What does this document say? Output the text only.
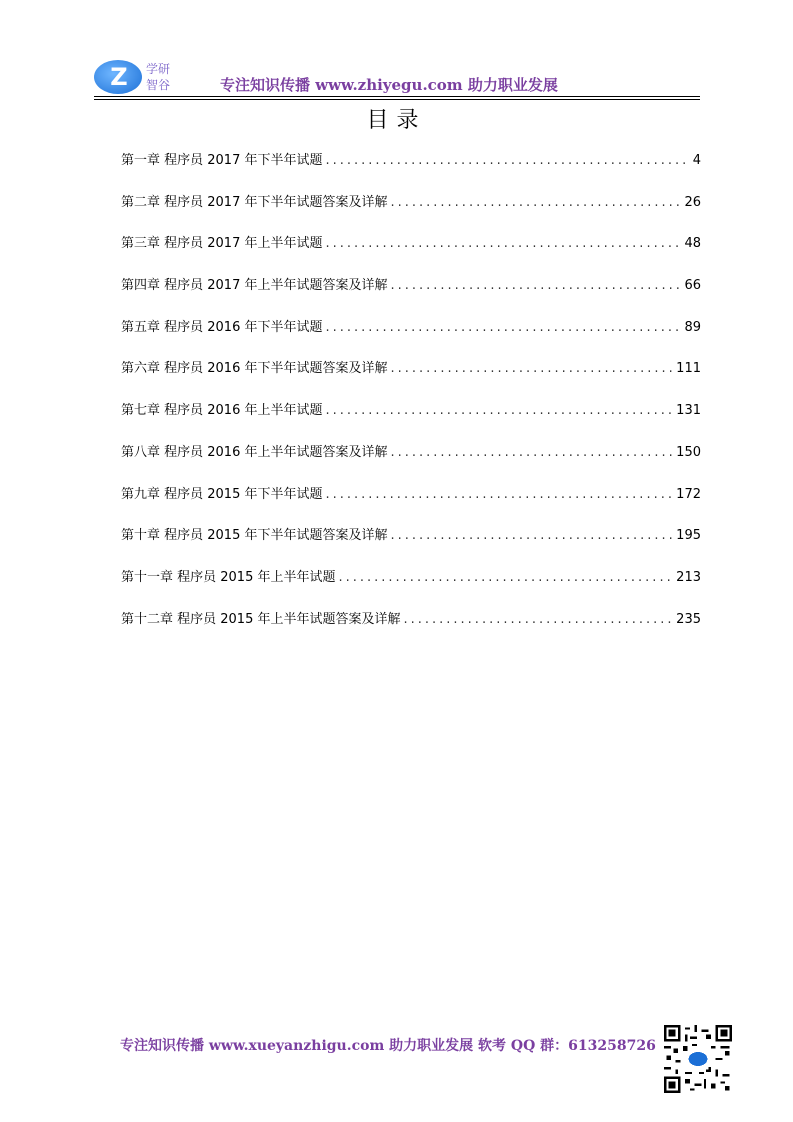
Z	学研
智谷	专注知识传播 www.zhiyegu.com 助力职业发展
目录
第一章 程序员 2017 年下半年试题 .....	4
第二章 程序员 2017 年下半年试题答案及详解 .....	26
第三章 程序员 2017 年上半年试题 .....	48
第四章 程序员 2017 年上半年试题答案及详解 .....	66
第五章 程序员 2016 年下半年试题 .....	89
第六章 程序员 2016 年下半年试题答案及详解 .....	111
第七章 程序员 2016 年上半年试题 .....	131
第八章 程序员 2016 年上半年试题答案及详解 .....	150
第九章 程序员 2015 年下半年试题 .....	172
第十章 程序员 2015 年下半年试题答案及详解 .....	195
第十一章 程序员 2015 年上半年试题 .....	213
第十二章 程序员 2015 年上半年试题答案及详解 .....	235
专注知识传播 www.xueyanzhigu.com 助力职业发展 软考 QQ 群：613258726
